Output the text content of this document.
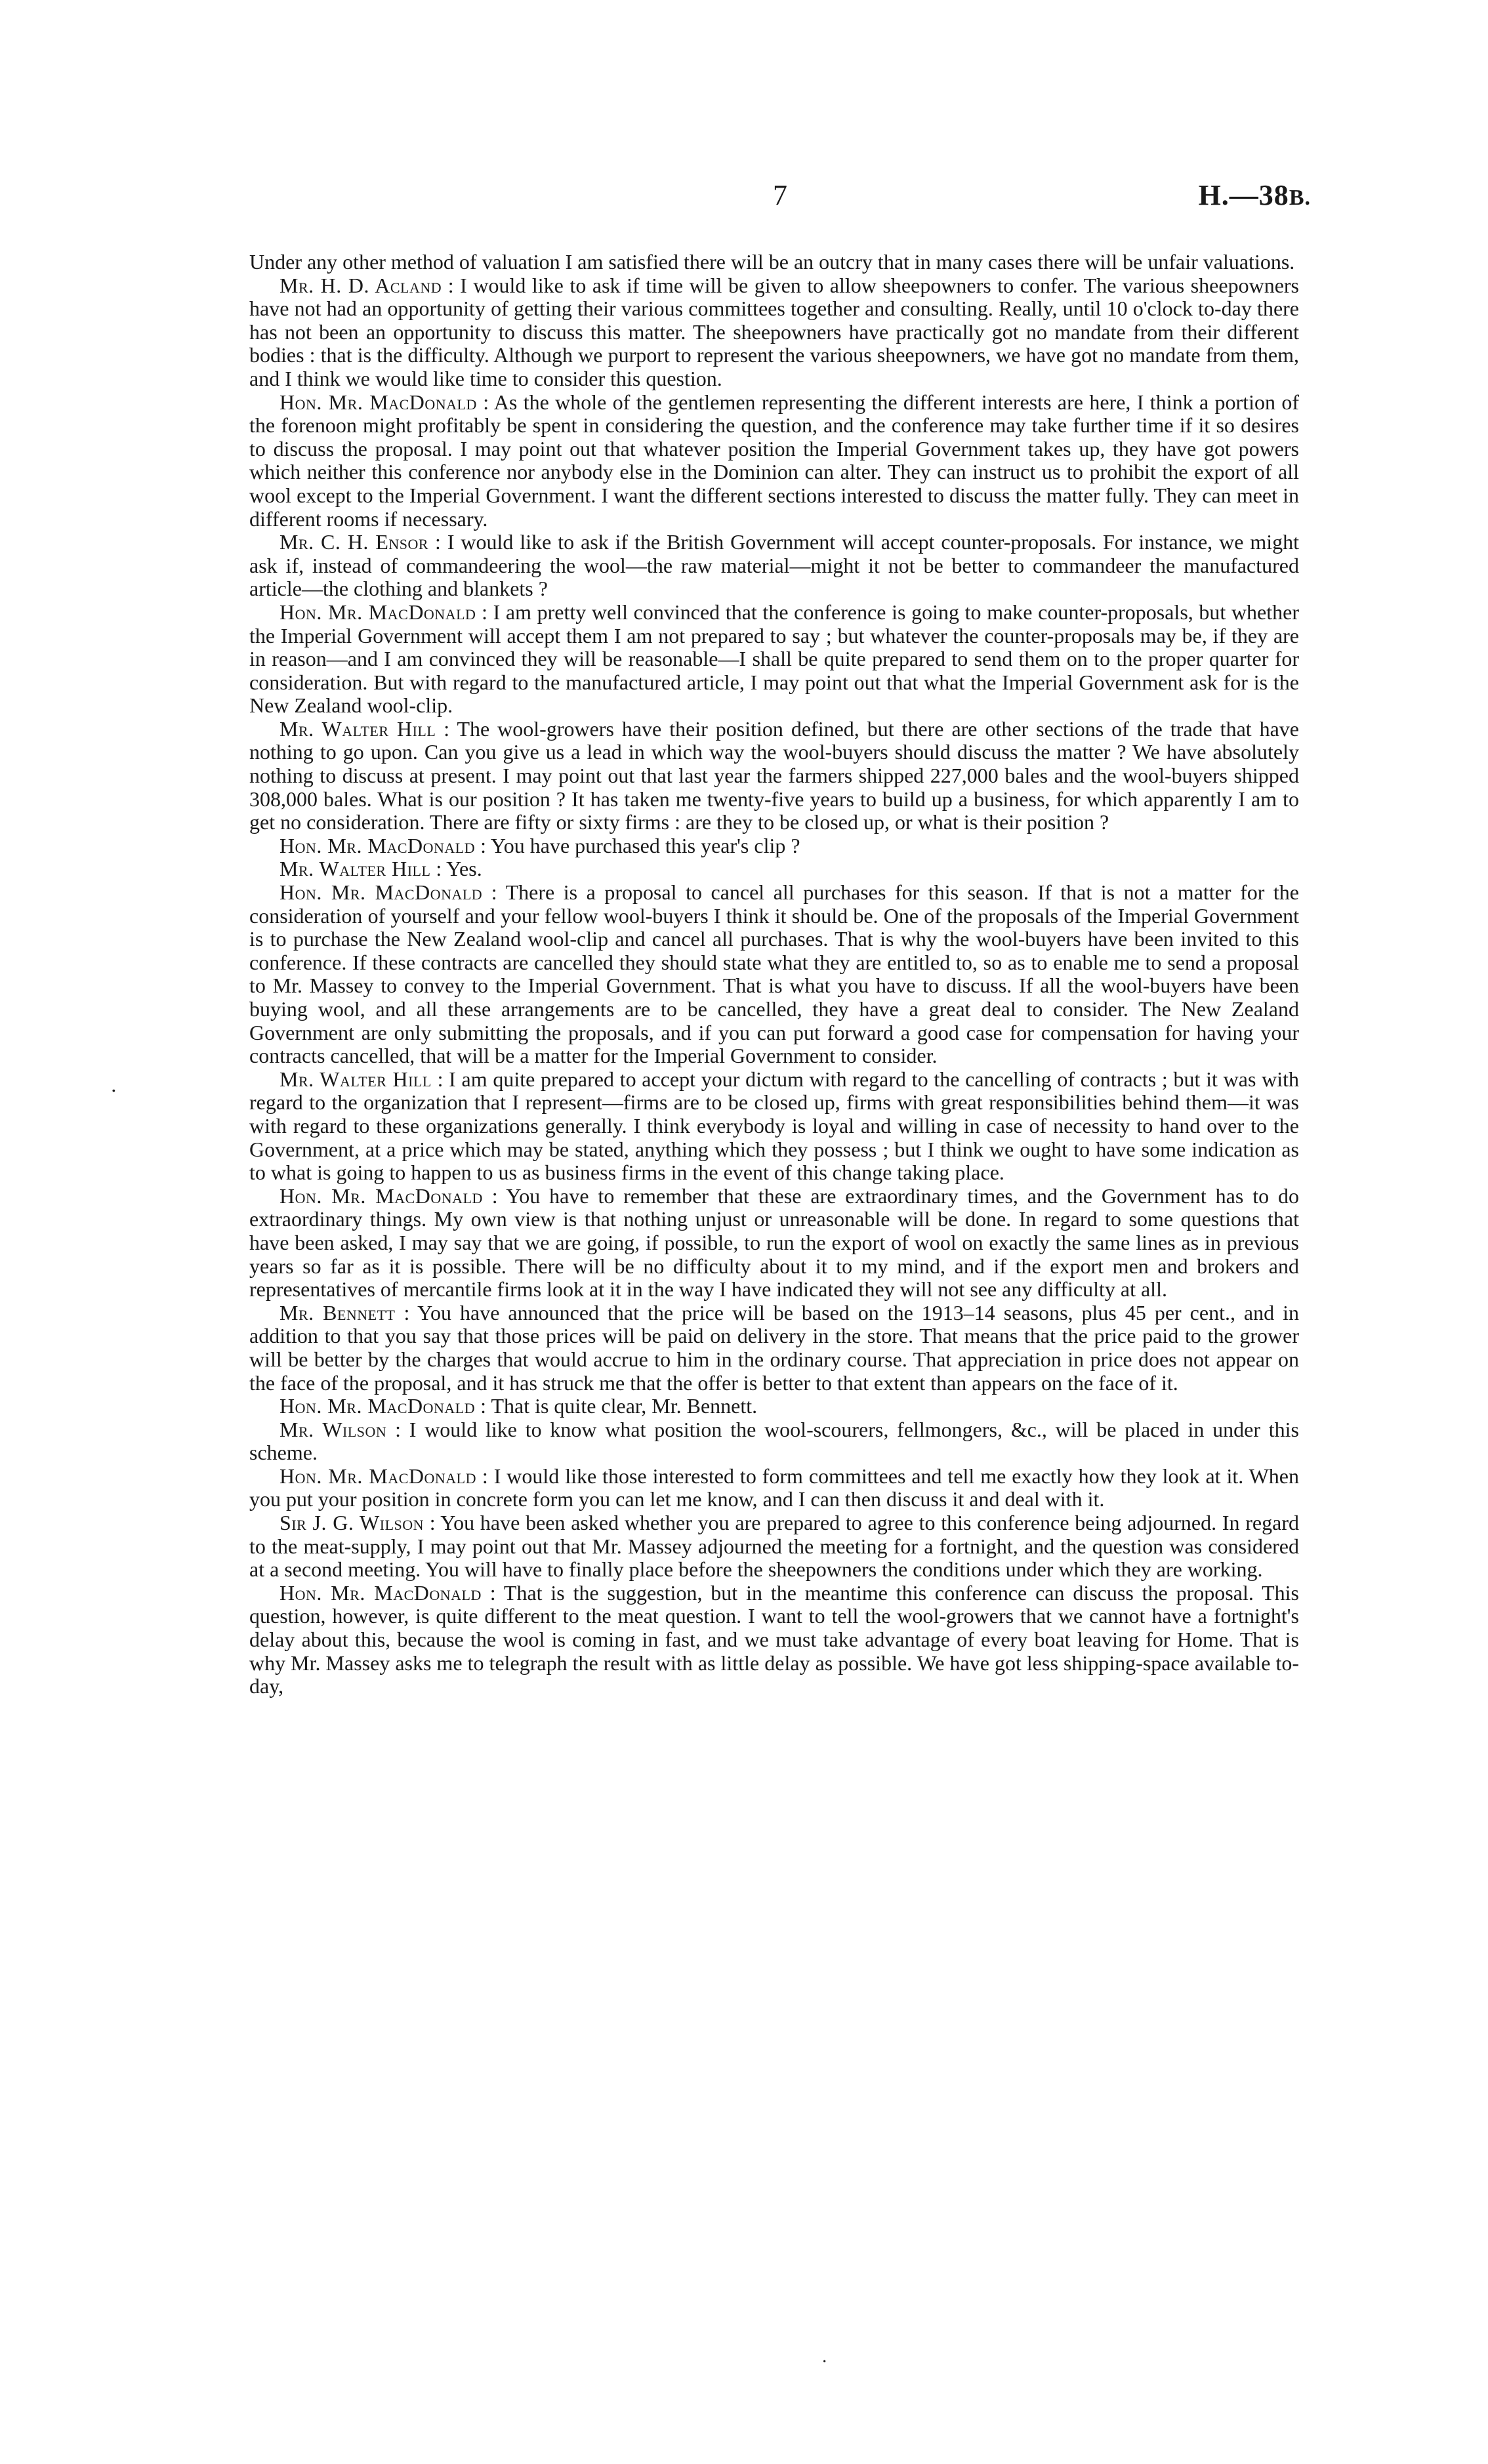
7	H.—38B.
·

Under any other method of valuation I am satisfied there will be an outcry that in many cases there will be unfair valuations.

Mr. H. D. Acland : I would like to ask if time will be given to allow sheepowners to confer. The various sheepowners have not had an opportunity of getting their various committees together and consulting. Really, until 10 o'clock to-day there has not been an opportunity to discuss this matter. The sheepowners have practically got no mandate from their different bodies : that is the difficulty. Although we purport to represent the various sheepowners, we have got no mandate from them, and I think we would like time to consider this question.

Hon. Mr. MacDonald : As the whole of the gentlemen representing the different interests are here, I think a portion of the forenoon might profitably be spent in considering the question, and the conference may take further time if it so desires to discuss the proposal. I may point out that whatever position the Imperial Government takes up, they have got powers which neither this conference nor anybody else in the Dominion can alter. They can instruct us to prohibit the export of all wool except to the Imperial Government. I want the different sections interested to discuss the matter fully. They can meet in different rooms if necessary.

Mr. C. H. Ensor : I would like to ask if the British Government will accept counter-proposals. For instance, we might ask if, instead of commandeering the wool—the raw material—might it not be better to commandeer the manufactured article—the clothing and blankets ?

Hon. Mr. MacDonald : I am pretty well convinced that the conference is going to make counter-proposals, but whether the Imperial Government will accept them I am not prepared to say ; but whatever the counter-proposals may be, if they are in reason—and I am convinced they will be reasonable—I shall be quite prepared to send them on to the proper quarter for consideration. But with regard to the manufactured article, I may point out that what the Imperial Government ask for is the New Zealand wool-clip.

Mr. Walter Hill : The wool-growers have their position defined, but there are other sections of the trade that have nothing to go upon. Can you give us a lead in which way the wool-buyers should discuss the matter ? We have absolutely nothing to discuss at present. I may point out that last year the farmers shipped 227,000 bales and the wool-buyers shipped 308,000 bales. What is our position ? It has taken me twenty-five years to build up a business, for which apparently I am to get no consideration. There are fifty or sixty firms : are they to be closed up, or what is their position ?

Hon. Mr. MacDonald : You have purchased this year's clip ?

Mr. Walter Hill : Yes.

Hon. Mr. MacDonald : There is a proposal to cancel all purchases for this season. If that is not a matter for the consideration of yourself and your fellow wool-buyers I think it should be. One of the proposals of the Imperial Government is to purchase the New Zealand wool-clip and cancel all purchases. That is why the wool-buyers have been invited to this conference. If these contracts are cancelled they should state what they are entitled to, so as to enable me to send a proposal to Mr. Massey to convey to the Imperial Government. That is what you have to discuss. If all the wool-buyers have been buying wool, and all these arrangements are to be cancelled, they have a great deal to consider. The New Zealand Government are only submitting the proposals, and if you can put forward a good case for compensation for having your contracts cancelled, that will be a matter for the Imperial Government to consider.

Mr. Walter Hill : I am quite prepared to accept your dictum with regard to the cancelling of contracts ; but it was with regard to the organization that I represent—firms are to be closed up, firms with great responsibilities behind them—it was with regard to these organizations generally. I think everybody is loyal and willing in case of necessity to hand over to the Government, at a price which may be stated, anything which they possess ; but I think we ought to have some indication as to what is going to happen to us as business firms in the event of this change taking place.

Hon. Mr. MacDonald : You have to remember that these are extraordinary times, and the Government has to do extraordinary things. My own view is that nothing unjust or unreasonable will be done. In regard to some questions that have been asked, I may say that we are going, if possible, to run the export of wool on exactly the same lines as in previous years so far as it is possible. There will be no difficulty about it to my mind, and if the export men and brokers and representatives of mercantile firms look at it in the way I have indicated they will not see any difficulty at all.

Mr. Bennett : You have announced that the price will be based on the 1913–14 seasons, plus 45 per cent., and in addition to that you say that those prices will be paid on delivery in the store. That means that the price paid to the grower will be better by the charges that would accrue to him in the ordinary course. That appreciation in price does not appear on the face of the proposal, and it has struck me that the offer is better to that extent than appears on the face of it.

Hon. Mr. MacDonald : That is quite clear, Mr. Bennett.

Mr. Wilson : I would like to know what position the wool-scourers, fellmongers, &c., will be placed in under this scheme.

Hon. Mr. MacDonald : I would like those interested to form committees and tell me exactly how they look at it. When you put your position in concrete form you can let me know, and I can then discuss it and deal with it.

Sir J. G. Wilson : You have been asked whether you are prepared to agree to this conference being adjourned. In regard to the meat-supply, I may point out that Mr. Massey adjourned the meeting for a fortnight, and the question was considered at a second meeting. You will have to finally place before the sheepowners the conditions under which they are working.

Hon. Mr. MacDonald : That is the suggestion, but in the meantime this conference can discuss the proposal. This question, however, is quite different to the meat question. I want to tell the wool-growers that we cannot have a fortnight's delay about this, because the wool is coming in fast, and we must take advantage of every boat leaving for Home. That is why Mr. Massey asks me to telegraph the result with as little delay as possible. We have got less shipping-space available to-day,

·
